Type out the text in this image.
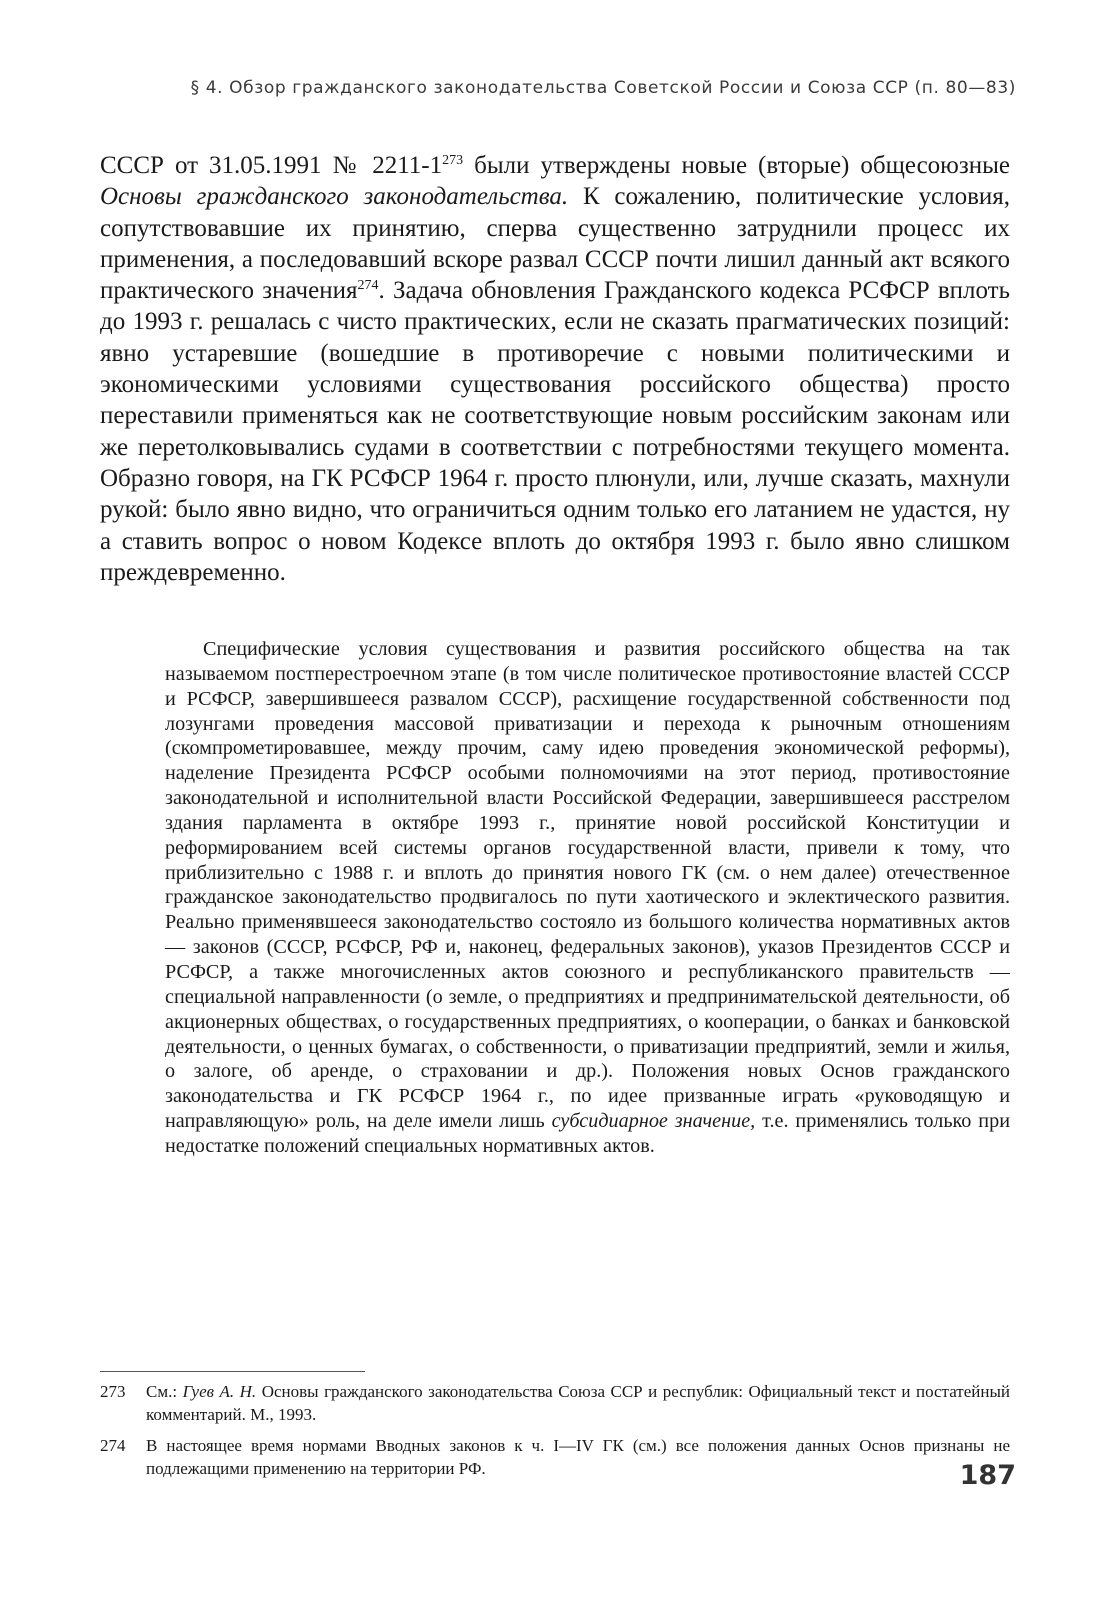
§ 4. Обзор гражданского законодательства Советской России и Союза ССР (п. 80—83)

СССР от 31.05.1991 № $2211-1^{273}$ были утверждены новые (вторые) общесоюзные Основы гражданского законодательства. К сожалению, политические условия, сопутствовавшие их принятию, сперва существенно затруднили процесс их применения, а последовавший вскоре развал СССР почти лишил данный акт всякого практического значения$^{274}$. Задача обновления Гражданского кодекса РСФСР вплоть до 1993 г. решалась с чисто практических, если не сказать прагматических позиций: явно устаревшие (вошедшие в противоречие с новыми политическими и экономическими условиями существования российского общества) просто переставили применяться как не соответствующие новым российским законам или же перетолковывались судами в соответствии с потребностями текущего момента. Образно говоря, на ГК РСФСР 1964 г. просто плюнули, или, лучше сказать, махнули рукой: было явно видно, что ограничиться одним только его латанием не удастся, ну а ставить вопрос о новом Кодексе вплоть до октября 1993 г. было явно слишком преждевременно.

Специфические условия существования и развития российского общества на так называемом постперестроечном этапе (в том числе политическое противостояние властей СССР и РСФСР, завершившееся развалом СССР), расхищение государственной собственности под лозунгами проведения массовой приватизации и перехода к рыночным отношениям (скомпрометировавшее, между прочим, саму идею проведения экономической реформы), наделение Президента РСФСР особыми полномочиями на этот период, противостояние законодательной и исполнительной власти Российской Федерации, завершившееся расстрелом здания парламента в октябре 1993 г., принятие новой российской Конституции и реформированием всей системы органов государственной власти, привели к тому, что приблизительно с 1988 г. и вплоть до принятия нового ГК (см. о нем далее) отечественное гражданское законодательство продвигалось по пути хаотического и эклектического развития. Реально применявшееся законодательство состояло из большого количества нормативных актов — законов (СССР, РСФСР, РФ и, наконец, федеральных законов), указов Президентов СССР и РСФСР, а также многочисленных актов союзного и республиканского правительств — специальной направленности (о земле, о предприятиях и предпринимательской деятельности, об акционерных обществах, о государственных предприятиях, о кооперации, о банках и банковской деятельности, о ценных бумагах, о собственности, о приватизации предприятий, земли и жилья, о залоге, об аренде, о страховании и др.). Положения новых Основ гражданского законодательства и ГК РСФСР 1964 г., по идее призванные играть «руководящую и направляющую» роль, на деле имели лишь субсидиарное значение, т.е. применялись только при недостатке положений специальных нормативных актов.

273	См.: Гуев А. Н. Основы гражданского законодательства Союза ССР и республик: Официальный текст и постатейный комментарий. М., 1993.
274	В настоящее время нормами Вводных законов к ч. I—IV ГК (см.) все положения данных Основ признаны не подлежащими применению на территории РФ.	187
